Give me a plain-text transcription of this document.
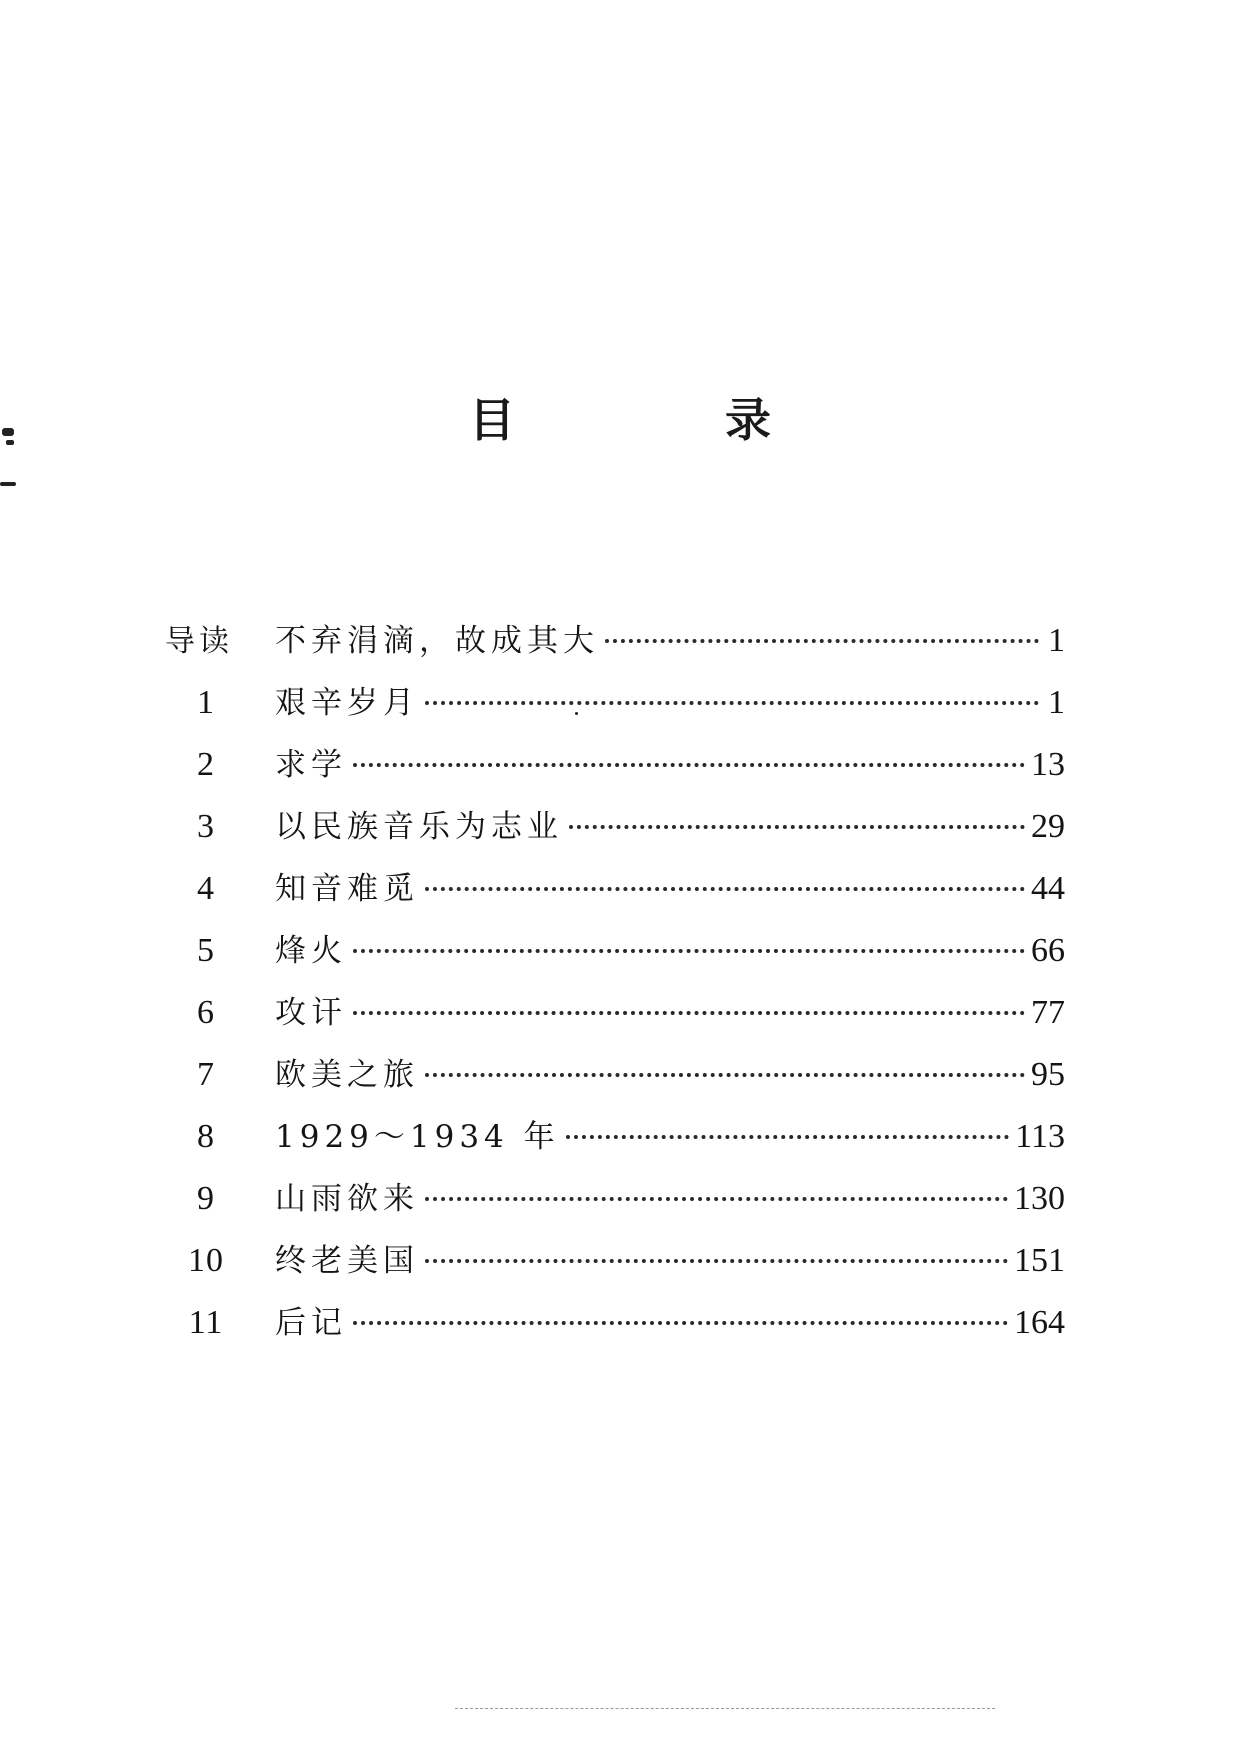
目　录
导读	不弃涓滴，故成其大	1
1	艰辛岁月	1
2	求学	13
3	以民族音乐为志业	29
4	知音难觅	44
5	烽火	66
6	攻讦	77
7	欧美之旅	95
8	1929～1934 年	113
9	山雨欲来	130
10	终老美国	151
11	后记	164
